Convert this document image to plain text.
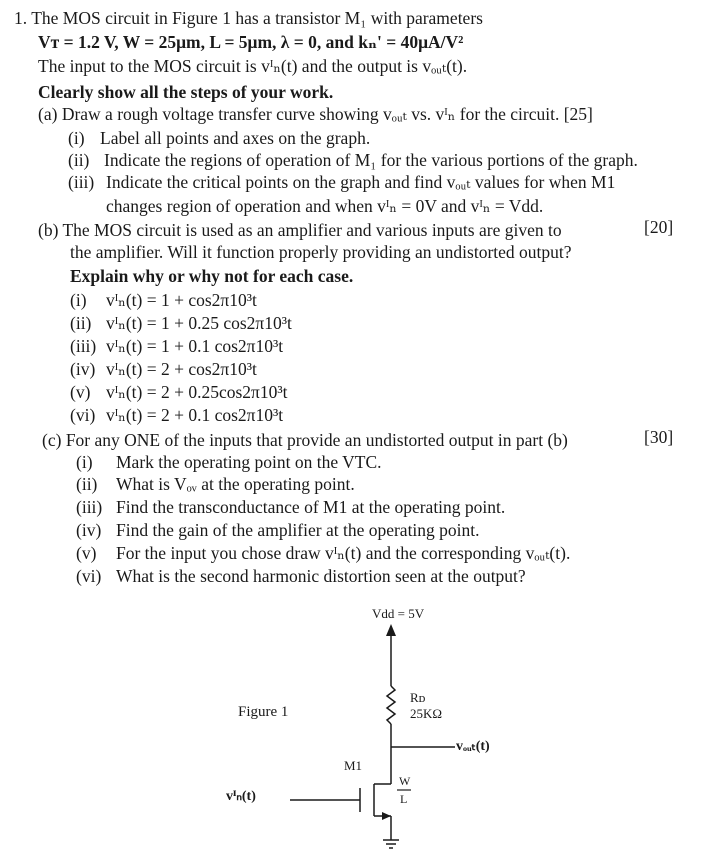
1. The MOS circuit in Figure 1 has a transistor M₁ with parameters
Vᴛ = 1.2 V, W = 25μm, L = 5μm, λ = 0, and kₙ' = 40μA/V²
The input to the MOS circuit is vᴵₙ(t) and the output is vₒᵤₜ(t).
Clearly show all the steps of your work.
(a) Draw a rough voltage transfer curve showing vₒᵤₜ vs. vᴵₙ for the circuit. [25]
(i) Label all points and axes on the graph.
(ii) Indicate the regions of operation of M₁ for the various portions of the graph.
(iii) Indicate the critical points on the graph and find vₒᵤₜ values for when M1
changes region of operation and when vᴵₙ = 0V and vᴵₙ = Vdd.
(b) The MOS circuit is used as an amplifier and various inputs are given to	[20]
the amplifier. Will it function properly providing an undistorted output?
Explain why or why not for each case.
(i) vᴵₙ(t) = 1 + cos2π10³t
(ii) vᴵₙ(t) = 1 + 0.25 cos2π10³t
(iii) vᴵₙ(t) = 1 + 0.1 cos2π10³t
(iv) vᴵₙ(t) = 2 + cos2π10³t
(v) vᴵₙ(t) = 2 + 0.25cos2π10³t
(vi) vᴵₙ(t) = 2 + 0.1 cos2π10³t
(c) For any ONE of the inputs that provide an undistorted output in part (b)	[30]
(i) Mark the operating point on the VTC.
(ii) What is Vₒᵥ at the operating point.
(iii) Find the transconductance of M1 at the operating point.
(iv) Find the gain of the amplifier at the operating point.
(v) For the input you chose draw vᴵₙ(t) and the corresponding vₒᵤₜ(t).
(vi) What is the second harmonic distortion seen at the output?
Vdd = 5V
Rᴅ
25KΩ
Figure 1
vₒᵤₜ(t)
M1
W
L
vᴵₙ(t)
